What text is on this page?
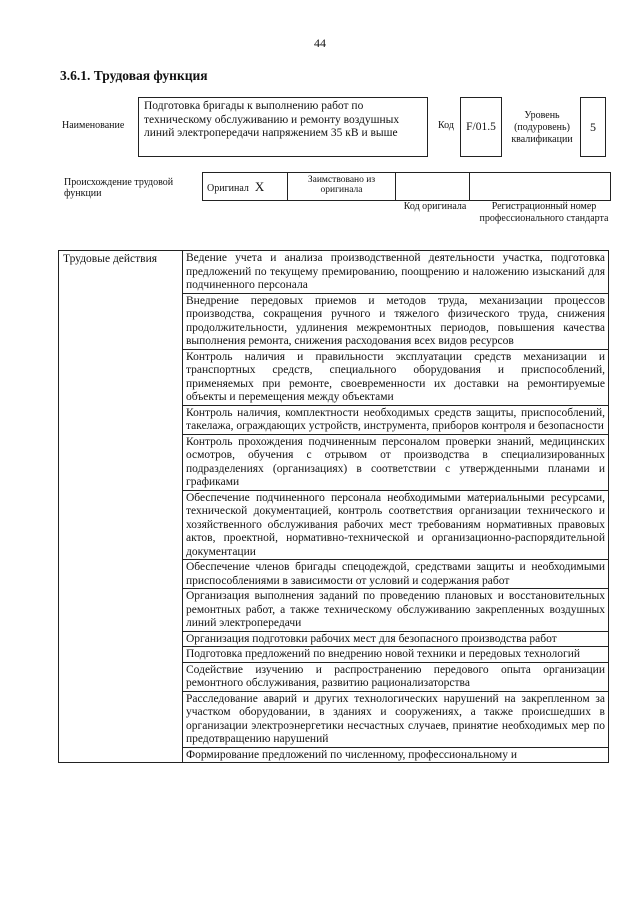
44
3.6.1. Трудовая функция
Наименование
Подготовка бригады к выполнению работ по техническому обслуживанию и ремонту воздушных линий электропередачи напряжением 35 кВ и выше
Код	F/01.5
Уровень (подуровень) квалификации
5
Происхождение трудовой функции	Оригинал X	Заимствовано из оригинала		
Код оригинала	Регистрационный номер профессионального стандарта
Трудовые действия	Ведение учета и анализа производственной деятельности участка, подготовка предложений по текущему премированию, поощрению и наложению изысканий для подчиненного персонала
Внедрение передовых приемов и методов труда, механизации процессов производства, сокращения ручного и тяжелого физического труда, снижения продолжительности, удлинения межремонтных периодов, повышения качества выполнения ремонта, снижения расходования всех видов ресурсов
Контроль наличия и правильности эксплуатации средств механизации и транспортных средств, специального оборудования и приспособлений, применяемых при ремонте, своевременности их доставки на ремонтируемые объекты и перемещения между объектами
Контроль наличия, комплектности необходимых средств защиты, приспособлений, такелажа, ограждающих устройств, инструмента, приборов контроля и безопасности
Контроль прохождения подчиненным персоналом проверки знаний, медицинских осмотров, обучения с отрывом от производства в специализированных подразделениях (организациях) в соответствии с утвержденными планами и графиками
Обеспечение подчиненного персонала необходимыми материальными ресурсами, технической документацией, контроль соответствия организации технического и хозяйственного обслуживания рабочих мест требованиям нормативных правовых актов, проектной, нормативно-технической и организационно-распорядительной документации
Обеспечение членов бригады спецодеждой, средствами защиты и необходимыми приспособлениями в зависимости от условий и содержания работ
Организация выполнения заданий по проведению плановых и восстановительных ремонтных работ, а также техническому обслуживанию закрепленных воздушных линий электропередачи
Организация подготовки рабочих мест для безопасного производства работ
Подготовка предложений по внедрению новой техники и передовых технологий
Содействие изучению и распространению передового опыта организации ремонтного обслуживания, развитию рационализаторства
Расследование аварий и других технологических нарушений на закрепленном за участком оборудовании, в зданиях и сооружениях, а также происшедших в организации электроэнергетики несчастных случаев, принятие необходимых мер по предотвращению нарушений

Формирование предложений по численному, профессиональному и
